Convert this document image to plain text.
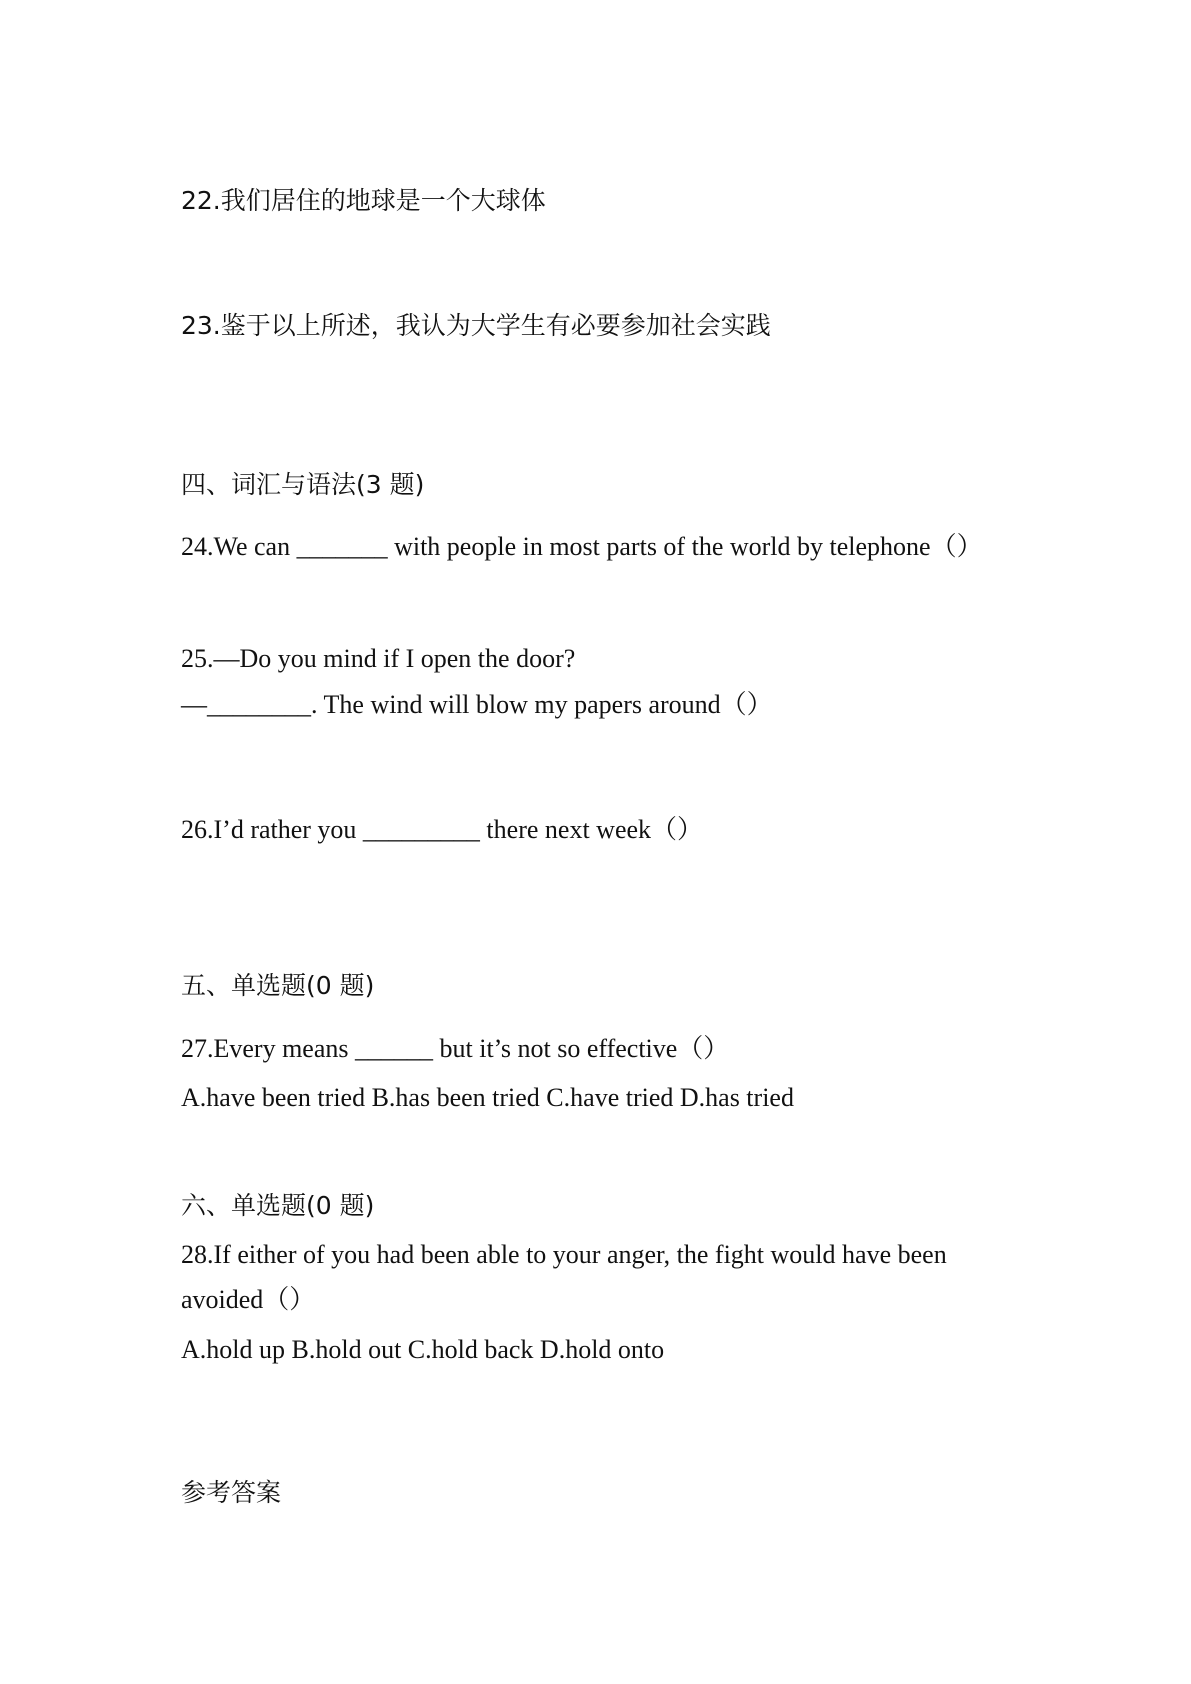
22.我们居住的地球是一个大球体
23.鉴于以上所述，我认为大学生有必要参加社会实践
四、词汇与语法(3 题)
24.We can _______ with people in most parts of the world by telephone（）
25.—Do you mind if I open the door?
—________. The wind will blow my papers around（）
26.I’d rather you _________ there next week（）
五、单选题(0 题)
27.Every means ______ but it’s not so effective（）
A.have been tried B.has been tried C.have tried D.has tried
六、单选题(0 题)
28.If either of you had been able to your anger, the fight would have been
avoided（）
A.hold up B.hold out C.hold back D.hold onto
参考答案
